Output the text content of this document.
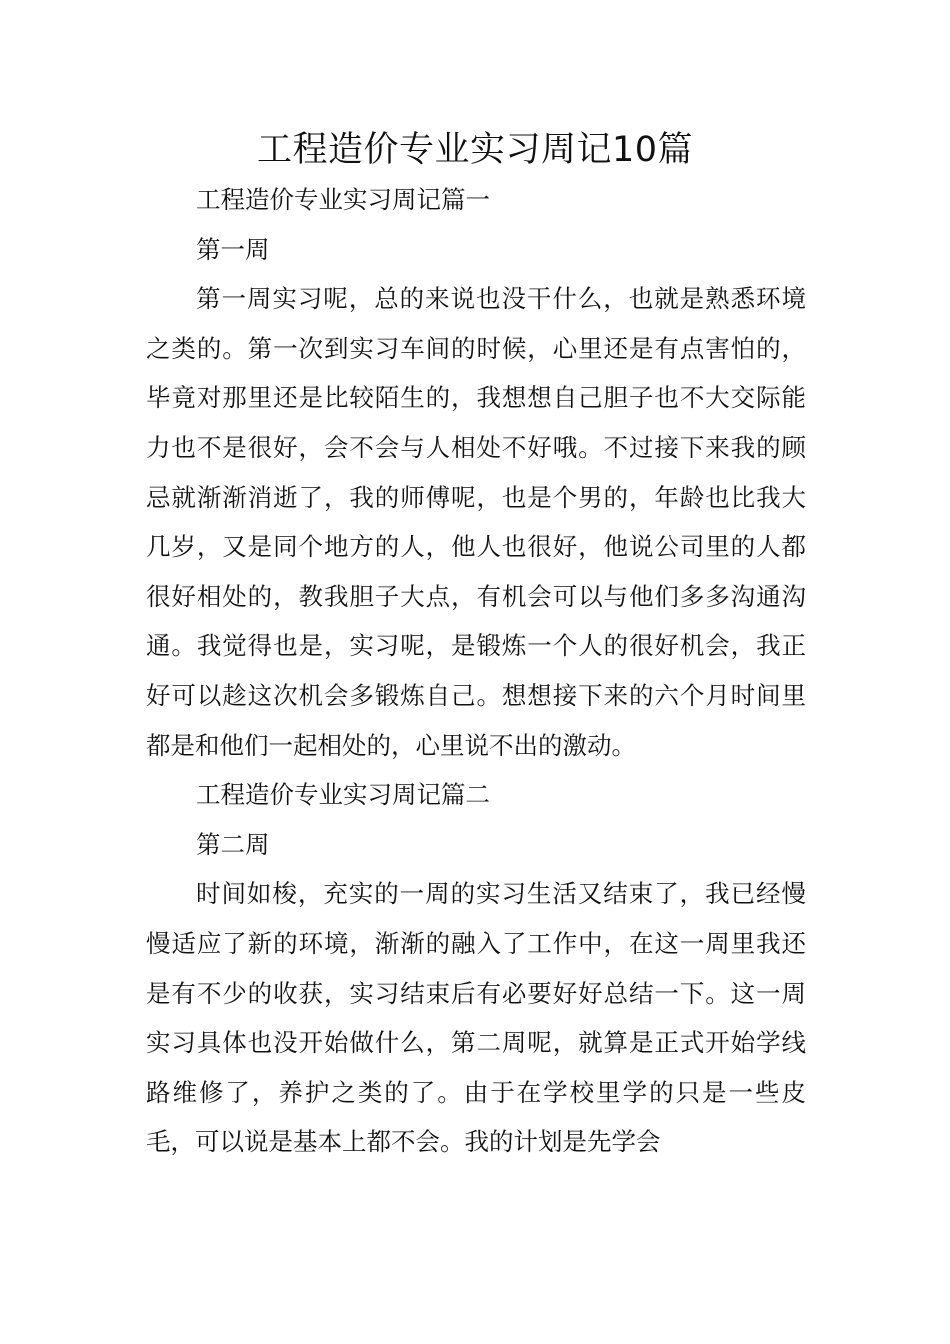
工程造价专业实习周记10篇
工程造价专业实习周记篇一
第一周

第一周实习呢，总的来说也没干什么，也就是熟悉环境之类的。第一次到实习车间的时候，心里还是有点害怕的，毕竟对那里还是比较陌生的，我想想自己胆子也不大交际能力也不是很好，会不会与人相处不好哦。不过接下来我的顾忌就渐渐消逝了，我的师傅呢，也是个男的，年龄也比我大几岁，又是同个地方的人，他人也很好，他说公司里的人都很好相处的，教我胆子大点，有机会可以与他们多多沟通沟通。我觉得也是，实习呢，是锻炼一个人的很好机会，我正好可以趁这次机会多锻炼自己。想想接下来的六个月时间里都是和他们一起相处的，心里说不出的激动。

工程造价专业实习周记篇二
第二周

时间如梭，充实的一周的实习生活又结束了，我已经慢慢适应了新的环境，渐渐的融入了工作中，在这一周里我还是有不少的收获，实习结束后有必要好好总结一下。这一周实习具体也没开始做什么，第二周呢，就算是正式开始学线路维修了，养护之类的了。由于在学校里学的只是一些皮毛，可以说是基本上都不会。我的计划是先学会
